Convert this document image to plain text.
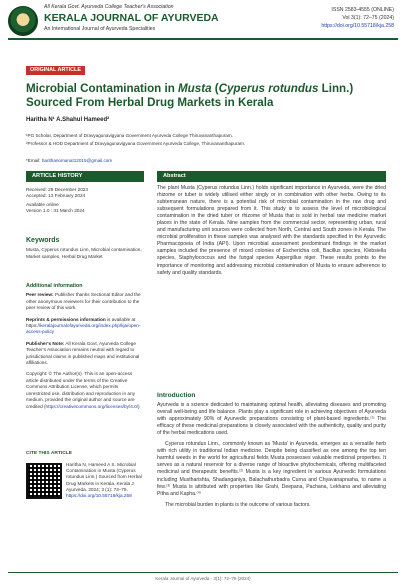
All Kerala Govt. Ayurveda College Teacher's Association
KERALA JOURNAL OF AYURVEDA
An International Journal of Ayurveda Specialities
ISSN 2583-4555 (ONLINE)
Vol 3(1): 72–75 (2024)
https://doi.org/10.55718/kja.258
ORIGINAL ARTICLE
Microbial Contamination in Musta (Cyperus rotundus Linn.) Sourced From Herbal Drug Markets in Kerala
Haritha N¹ A.Shahul Hameed²
¹PG Scholar, Department of Dravyagunavigyana Government Ayurveda College Thiruvananthapuram.
²Professor & HOD Department of Dravyagunavigyana Government Ayurveda College, Thiruvananthapuram.
*Email: harithanomanat12015@gmail.com
ARTICLE HISTORY
Received: 29 December 2023
Accepted: 13 February 2024
Available online
Version 1.0 : 31 March 2024
Keywords
Musta, Cyperus rotundus Linn, Microbial contamination, Market samples, Herbal Drug Market
Additional information
Peer review: Publisher thanks Sectional Editor and the other anonymous reviewers for their contribution to the peer review of this work.
Reprints & permissions information is available at https://keralajournalofayurveda.org/index.php/kja/open-access-policy
Publisher's Note: All Kerala Govt. Ayurveda College Teacher's Association remains neutral with regard to jurisdictional claims in published maps and institutional affiliations.
Copyright: © The Author(s). This is an open-access article distributed under the terms of the Creative Commons Attribution License, which permits unrestricted use, distribution and reproduction in any medium, provided the original author and source are credited (https://creativecommons.org/licenses/by/4.0/)
CITE THIS ARTICLE
Haritha N, Hameed A S. Microbial Contamination in Musta (Cyperus rotundus Linn.) Sourced from Herbal Drug Markets in Kerala. Kerala J Ayurveda. 2024; 3 (1): 72–75. https://doi.org/10.55718/kja.258
Abstract
The plant Musta (Cyperus rotundus Linn.) holds significant importance in Ayurveda, were the dried rhizome or tuber is widely utilised either singly or in combination with other herbs. Owing to its subterranean nature, there is a potential risk of microbial contamination in the raw drug and subsequent formulations prepared from it. This study is to assess the level of microbiological contamination in the dried tuber or rhizome of Musta that is sold in herbal raw medicine market places in the state of Kerala. Nine samples from the commercial sector, representing urban, rural and manufacturing unit sources were collected from North, Central and South zones in Kerala. The microbial proliferation in these samples was analysed with the standards specified in the Ayurvedic Pharmacopoeia of India (API). Upon microbial assessment predominant findings in the market samples included the presence of mixed colonies of Escherichia coli, Bacillus species, Klebsiella species, Staphylococcus and the fungal species Aspergillus niger. These results points to the importance of monitoring and addressing microbial contamination of Musta to ensure adherence to safety and quality standards.
Introduction

Ayurveda is a science dedicated to maintaining optimal health, alleviating diseases and promoting overall well-being and life balance. Plants play a significant role in achieving objectives of Ayurveda with approximately 90% of Ayurvedic preparations consisting of plant-based ingredients.⁽¹⁾ The efficacy of these medicinal preparations is closely associated with the authenticity, quality and purity of the herbal medications used.

Cyperus rotundus Linn., commonly known as 'Musta' in Ayurveda, emerges as a versatile herb with rich utility in traditional Indian medicine. Despite being classified as one among the top ten harmful weeds in the world for agricultural fields Musta possesses valuable medicinal properties. It serves as a natural reservoir for a diverse range of bioactive phytochemicals, offering multifaceted medicinal and therapeutic benefits.⁽²⁾ Musta is a key ingredient in various Ayurvedic formulations including Musthаrishta, Shadanganiya, Balachathurbadra Curna and Chyavanaprasha, to name a few.⁽³⁾ Musta is attributed with properties like Grahi, Deepana, Pachana, Lekhana and alleviating Pitha and Kapha.⁽⁴⁾

The microbial burden in plants is the outcome of various factors.

Kerala Journal of Ayurveda ◦ 3(1): 72–75 (2024)
